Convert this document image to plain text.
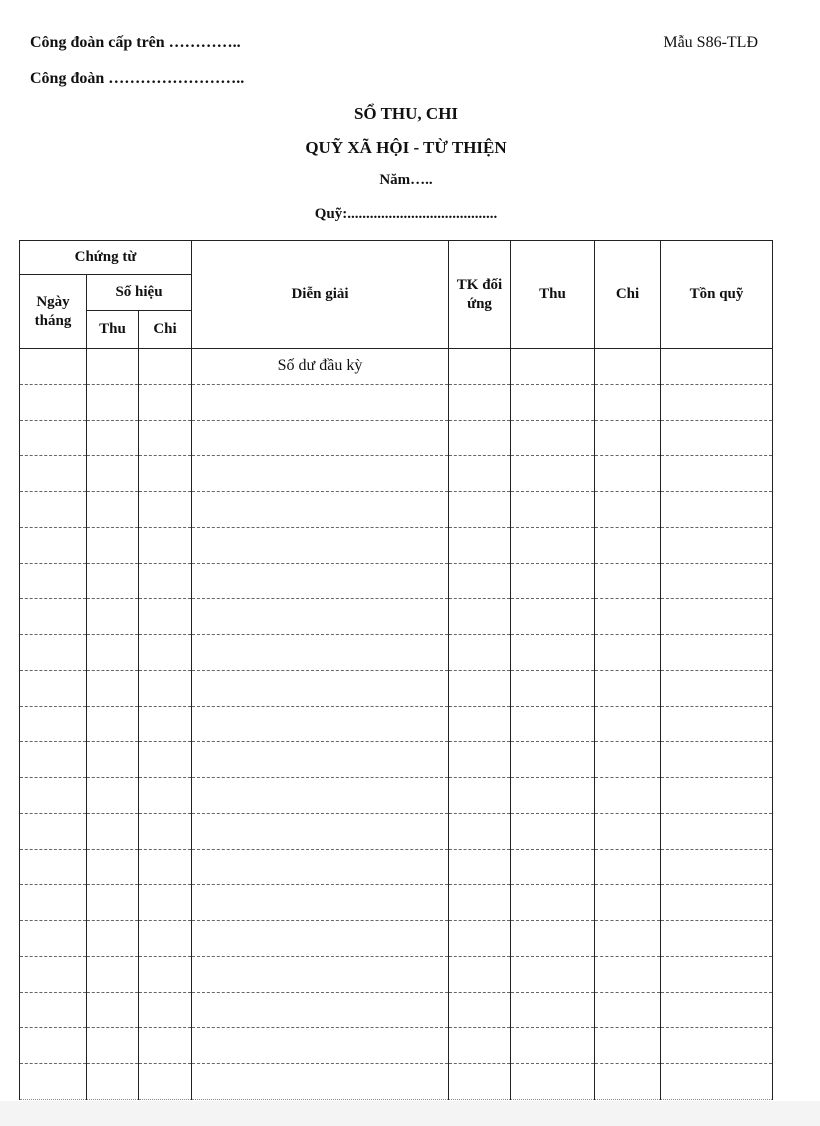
Công đoàn cấp trên …………..
Công đoàn ……………………..
Mẫu S86-TLĐ
SỔ THU, CHI
QUỸ XÃ HỘI - TỪ THIỆN
Năm…..
Quỹ:........................................
Chứng từ			Diễn giải	TK đối ứng	Thu	Chi	Tồn quỹ
Ngày tháng	Số hiệu						
	Thu	Chi					
			Số dư đầu kỳ				
